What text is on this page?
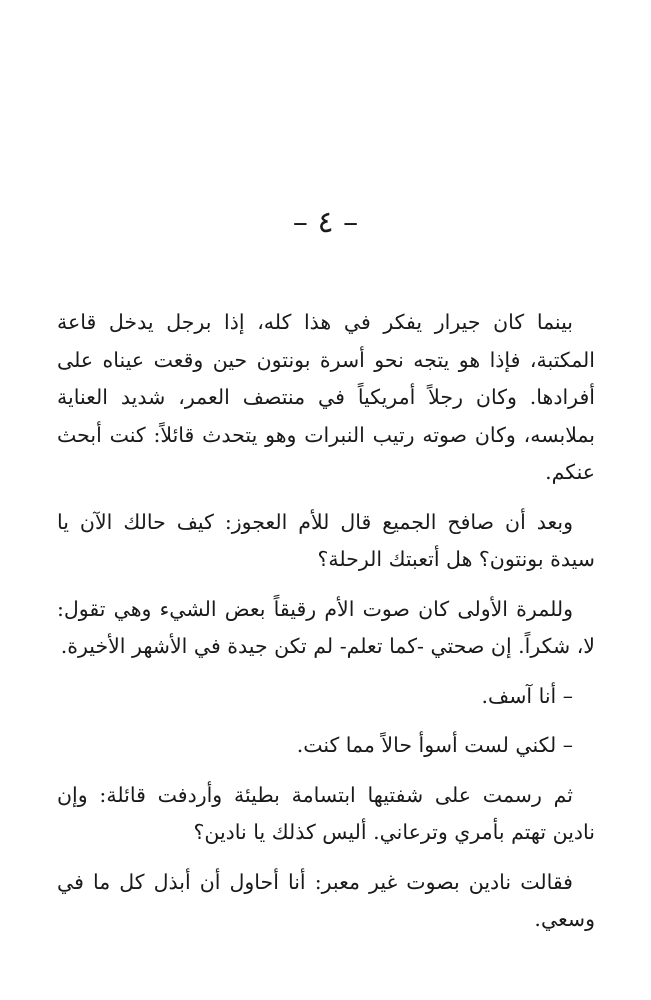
– ٤ –

بينما كان جيرار يفكر في هذا كله، إذا برجل يدخل قاعة المكتبة، فإذا هو يتجه نحو أسرة بونتون حين وقعت عيناه على أفرادها. وكان رجلاً أمريكياً في منتصف العمر، شديد العناية بملابسه، وكان صوته رتيب النبرات وهو يتحدث قائلاً: كنت أبحث عنكم.

وبعد أن صافح الجميع قال للأم العجوز: كيف حالك الآن يا سيدة بونتون؟ هل أتعبتك الرحلة؟

وللمرة الأولى كان صوت الأم رقيقاً بعض الشيء وهي تقول: لا، شكراً. إن صحتي -كما تعلم- لم تكن جيدة في الأشهر الأخيرة.

– أنا آسف.

– لكني لست أسوأ حالاً مما كنت.

ثم رسمت على شفتيها ابتسامة بطيئة وأردفت قائلة: وإن نادين تهتم بأمري وترعاني. أليس كذلك يا نادين؟

فقالت نادين بصوت غير معبر: أنا أحاول أن أبذل كل ما في وسعي.
